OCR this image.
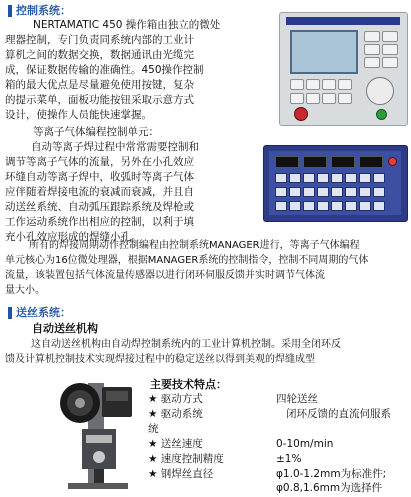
控制系统：
NERTAMATIC 450 操作箱由独立的微处
理器控制，专门负责同系统内部的工业计
算机之间的数据交换，数据通讯由光缆完
成，保证数据传输的准确性。450操作控制
箱的最大优点是尽量避免使用按键，复杂
的提示菜单，面板功能按钮采取示意方式
设计，使操作人员能快速掌握。
等离子气体编程控制单元：
自动等离子焊过程中常常需要控制和
调节等离子气体的流量，另外在小孔效应
环缝自动等离子焊中，收弧时等离子气体
应伴随着焊接电流的衰减而衰减，并且自
动送丝系统、自动弧压跟踪系统及焊枪或
工作运动系统作出相应的控制，以利于填
充小孔效应形成的焊缝小孔。
所有的焊接周期动作控制编程由控制系统MANAGER进行，等离子气体编程
单元核心为16位微处理器，根据MANAGER系统的控制指令，控制不同周期的气体
流量，该装置包括气体流量传感器以进行闭环伺服反馈并实时调节气体流
量大小。
送丝系统：
自动送丝机构
这自动送丝机构由自动焊控制系统内的工业计算机控制。采用全闭环反
馈及计算机控制技术实现焊接过程中的稳定送丝以得到美观的焊缝成型
主要技术特点：
★ 驱动方式	四轮送丝
★ 驱动系统	闭环反馈的直流伺服系
统
★ 送丝速度	0-10m/min
★ 速度控制精度	±1%
★ 钢焊丝直径	φ1.0-1.2mm为标准件;
φ0.8,1.6mm为选择件
